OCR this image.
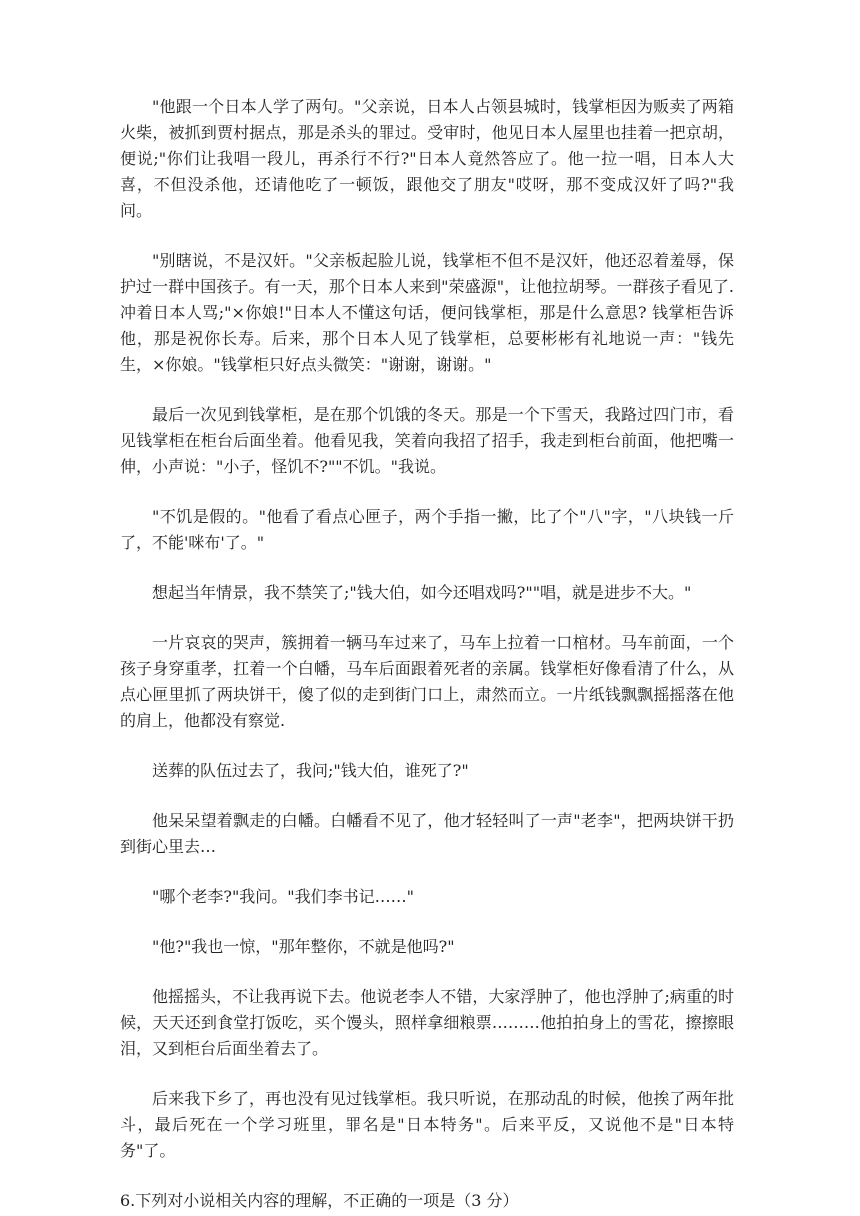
"他跟一个日本人学了两句。"父亲说，日本人占领县城时，钱掌柜因为贩卖了两箱火柴，被抓到贾村据点，那是杀头的罪过。受审时，他见日本人屋里也挂着一把京胡，便说;"你们让我唱一段儿，再杀行不行?"日本人竟然答应了。他一拉一唱，日本人大喜，不但没杀他，还请他吃了一顿饭，跟他交了朋友"哎呀，那不变成汉奸了吗?"我问。

"别瞎说，不是汉奸。"父亲板起脸儿说，钱掌柜不但不是汉奸，他还忍着羞辱，保护过一群中国孩子。有一天，那个日本人来到"荣盛源"，让他拉胡琴。一群孩子看见了.冲着日本人骂;"×你娘!"日本人不懂这句话，便问钱掌柜，那是什么意思? 钱掌柜告诉他，那是祝你长寿。后来，那个日本人见了钱掌柜，总要彬彬有礼地说一声："钱先生，×你娘。"钱掌柜只好点头微笑："谢谢，谢谢。"

最后一次见到钱掌柜，是在那个饥饿的冬天。那是一个下雪天，我路过四门市，看见钱掌柜在柜台后面坐着。他看见我，笑着向我招了招手，我走到柜台前面，他把嘴一伸，小声说："小子，怪饥不?""不饥。"我说。

"不饥是假的。"他看了看点心匣子，两个手指一撇，比了个"八"字，"八块钱一斤了，不能'咪布'了。"

想起当年情景，我不禁笑了;"钱大伯，如今还唱戏吗?""唱，就是进步不大。"

一片哀哀的哭声，簇拥着一辆马车过来了，马车上拉着一口棺材。马车前面，一个孩子身穿重孝，扛着一个白幡，马车后面跟着死者的亲属。钱掌柜好像看清了什么，从点心匣里抓了两块饼干，傻了似的走到街门口上，肃然而立。一片纸钱飘飘摇摇落在他的肩上，他都没有察觉.

送葬的队伍过去了，我问;"钱大伯，谁死了?"

他呆呆望着飘走的白幡。白幡看不见了，他才轻轻叫了一声"老李"，把两块饼干扔到街心里去…

"哪个老李?"我问。"我们李书记……"

"他?"我也一惊，"那年整你，不就是他吗?"

他摇摇头，不让我再说下去。他说老李人不错，大家浮肿了，他也浮肿了;病重的时候，天天还到食堂打饭吃，买个馒头，照样拿细粮票………他拍拍身上的雪花，擦擦眼泪，又到柜台后面坐着去了。

后来我下乡了，再也没有见过钱掌柜。我只听说，在那动乱的时候，他挨了两年批斗，最后死在一个学习班里，罪名是"日本特务"。后来平反，又说他不是"日本特务"了。

6.下列对小说相关内容的理解，不正确的一项是（3 分）
